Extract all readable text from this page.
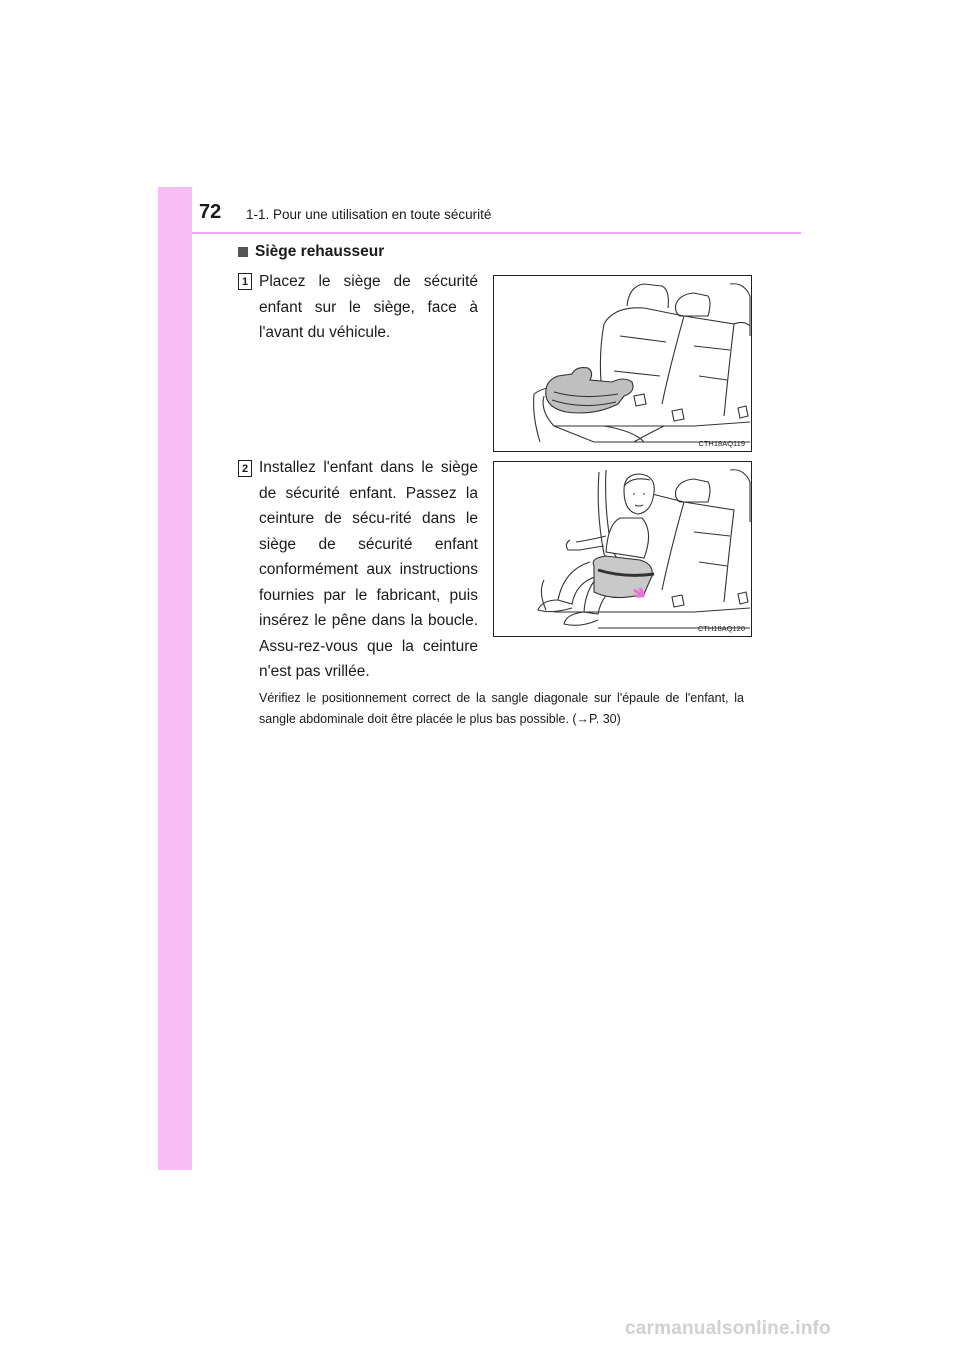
72 1-1. Pour une utilisation en toute sécurité
Siège rehausseur
1 Placez le siège de sécurité enfant sur le siège, face à l'avant du véhicule.
CTH18AQ119
2 Installez l'enfant dans le siège de sécurité enfant. Passez la ceinture de sécu-rité dans le siège de sécurité enfant conformément aux instructions fournies par le fabricant, puis insérez le pêne dans la boucle. Assu-rez-vous que la ceinture n'est pas vrillée.
CTH18AQ120
Vérifiez le positionnement correct de la sangle diagonale sur l'épaule de l'enfant, la sangle abdominale doit être placée le plus bas possible. (→P. 30)
carmanualsonline.info
